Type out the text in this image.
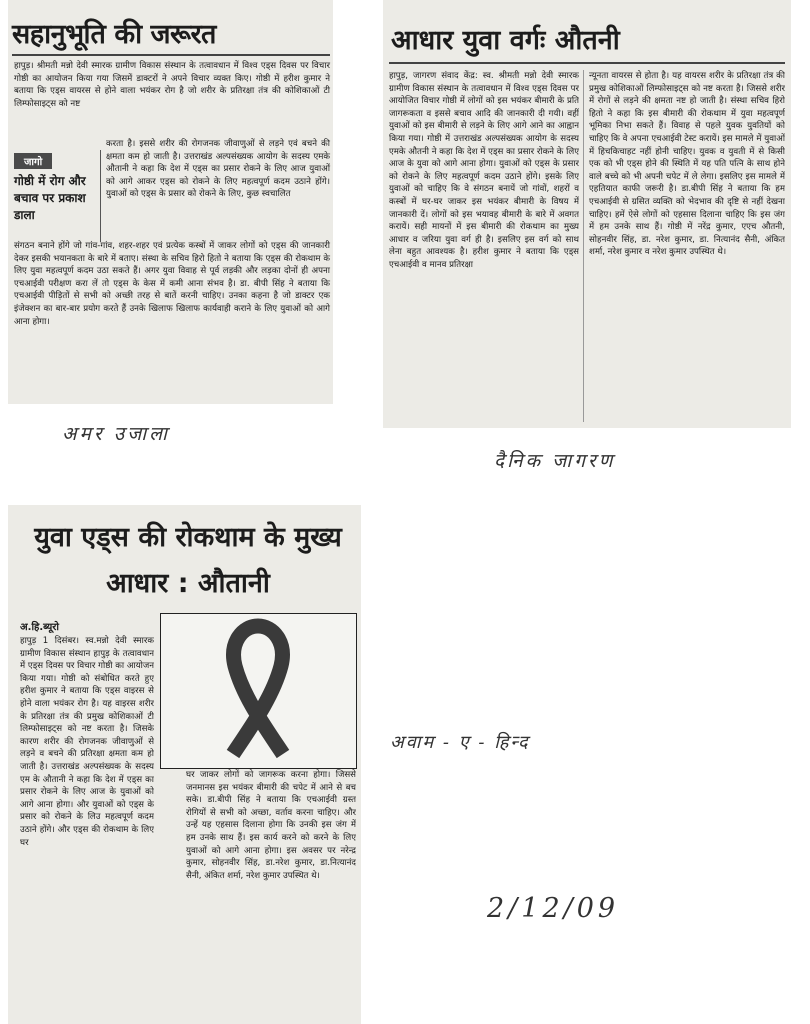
सहानुभूति की जरूरत

हापुड़। श्रीमती मन्नो देवी स्मारक ग्रामीण विकास संस्थान के तत्वावधान में विश्व एड्स दिवस पर विचार गोष्ठी का आयोजन किया गया जिसमें डाक्टरों ने अपने विचार व्यक्त किए। गोष्ठी में हरीश कुमार ने बताया कि एड्स वायरस से होने वाला भयंकर रोग है जो शरीर के प्रतिरक्षा तंत्र की कोशिकाओं टी लिम्फोसाइट्स को नष्ट

जागो
गोष्ठी में रोग और बचाव पर प्रकाश डाला

करता है। इससे शरीर की रोगजनक जीवाणुओं से लड़ने एवं बचने की क्षमता कम हो जाती है। उत्तराखंड अल्पसंख्यक आयोग के सदस्य एमके औतानी ने कहा कि देश में एड्स का प्रसार रोकने के लिए आज युवाओं को आगे आकर एड्स को रोकने के लिए महत्वपूर्ण कदम उठाने होंगे। युवाओं को एड्स के प्रसार को रोकने के लिए, कुछ स्वचालित

संगठन बनाने होंगे जो गांव-गांव, शहर-शहर एवं प्रत्येक कस्बों में जाकर लोगों को एड्स की जानकारी देकर इसकी भयानकता के बारे में बताए। संस्था के सचिव हिरो हितो ने बताया कि एड्स की रोकथाम के लिए युवा महत्वपूर्ण कदम उठा सकते हैं। अगर युवा विवाह से पूर्व लड़की और लड़का दोनों ही अपना एचआईवी परीक्षण करा लें तो एड्स के केस में कमी आना संभव है। डा. बीपी सिंह ने बताया कि एचआईवी पीड़ितों से सभी को अच्छी तरह से बातें करनी चाहिए। उनका कहना है जो डाक्टर एक इंजेक्शन का बार-बार प्रयोग करते हैं उनके खिलाफ खिलाफ कार्यवाही कराने के लिए युवाओं को आगे आना होगा।

आधार युवा वर्गः औतनी

हापुड़, जागरण संवाद केंद्र: स्व. श्रीमती मन्नो देवी स्मारक ग्रामीण विकास संस्थान के तत्वावधान में विश्व एड्स दिवस पर आयोजित विचार गोष्ठी में लोगों को इस भयंकर बीमारी के प्रति जागरूकता व इससे बचाव आदि की जानकारी दी गयी। वहीं युवाओं को इस बीमारी से लड़ने के लिए आगे आने का आह्वान किया गया। गोष्ठी में उत्तराखंड अल्पसंख्यक आयोग के सदस्य एमके औतनी ने कहा कि देश में एड्स का प्रसार रोकने के लिए आज के युवा को आगे आना होगा। युवाओं को एड्स के प्रसार को रोकने के लिए महत्वपूर्ण कदम उठाने होंगे। इसके लिए युवाओं को चाहिए कि वे संगठन बनायें जो गांवों, शहरों व कस्बों में घर-घर जाकर इस भयंकर बीमारी के विषय में जानकारी दें। लोगों को इस भयावह बीमारी के बारे में अवगत करायें। सही मायनों में इस बीमारी की रोकथाम का मुख्य आधार व जरिया युवा वर्ग ही है। इसलिए इस वर्ग को साथ लेना बहुत आवश्यक है। हरीश कुमार ने बताया कि एड्स एचआईवी व मानव प्रतिरक्षा

न्यूनता वायरस से होता है। यह वायरस शरीर के प्रतिरक्षा तंत्र की प्रमुख कोशिकाओं लिम्फोसाइट्स को नष्ट करता है। जिससे शरीर में रोगों से लड़ने की क्षमता नष्ट हो जाती है। संस्था सचिव हिरो हितो ने कहा कि इस बीमारी की रोकथाम में युवा महत्वपूर्ण भूमिका निभा सकते हैं। विवाह से पहले युवक युवतियों को चाहिए कि वे अपना एचआईवी टेस्ट करायें। इस मामले में युवाओं में हिचकिचाहट नहीं होनी चाहिए। युवक व युवती में से किसी एक को भी एड्स होने की स्थिति में यह पति पत्नि के साथ होने वाले बच्चे को भी अपनी चपेट में ले लेगा। इसलिए इस मामले में एहतियात काफी जरूरी है। डा.बीपी सिंह ने बताया कि हम एचआईवी से ग्रसित व्यक्ति को भेदभाव की दृष्टि से नहीं देखना चाहिए। हमें ऐसे लोगों को एहसास दिलाना चाहिए कि इस जंग में हम उनके साथ हैं। गोष्ठी में नरेंद्र कुमार, एएच औतनी, सोहनवीर सिंह, डा. नरेश कुमार, डा. नित्यानंद सैनी, अंकित शर्मा, नरेश कुमार व नरेश कुमार उपस्थित थे।

युवा एड्स की रोकथाम के मुख्य आधार : औतानी
अ.हि.ब्यूरो

हापुड़ 1 दिसंबर। स्व.मन्नो देवी स्मारक ग्रामीण विकास संस्थान हापुड़ के तत्वावधान में एड्स दिवस पर विचार गोष्ठी का आयोजन किया गया। गोष्ठी को संबोधित करते हुए हरीश कुमार ने बताया कि एड्स वाइरस से होने वाला भयंकर रोग है। यह वाइरस शरीर के प्रतिरक्षा तंत्र की प्रमुख कोशिकाओं टी लिम्फोसाइट्स को नष्ट करता है। जिसके कारण शरीर की रोगजनक जीवाणुओं से लड़ने व बचने की प्रतिरक्षा क्षमता कम हो जाती है। उत्तराखंड अल्पसंख्यक के सदस्य एम के औतानी ने कहा कि देश में एड्स का प्रसार रोकने के लिए आज के युवाओं को आगे आना होगा। और युवाओं को एड्स के प्रसार को रोकने के लिउ महत्वपूर्ण कदम उठाने होंगे। और एड्स की रोकथाम के लिए घर

घर जाकर लोगों को जागरूक करना होगा। जिससे जनमानस इस भयंकर बीमारी की चपेट में आने से बच सके। डा.बीपी सिंह ने बताया कि एचआईवी ग्रस्त रोगियों से सभी को अच्छा, वर्ताव करना चाहिए। और उन्हें यह एहसास दिलाना होगा कि उनकी इस जंग में हम उनके साथ हैं। इस कार्य करने को करने के लिए युवाओं को आगे आना होगा। इस अवसर पर नरेन्द्र कुमार, सोहनवीर सिंह, डा.नरेश कुमार, डा.नित्यानंद सैनी, अंकित शर्मा, नरेश कुमार उपस्थित थे।

अमर उजाला
दैनिक जागरण
अवाम - ए - हिन्द
2/12/09
